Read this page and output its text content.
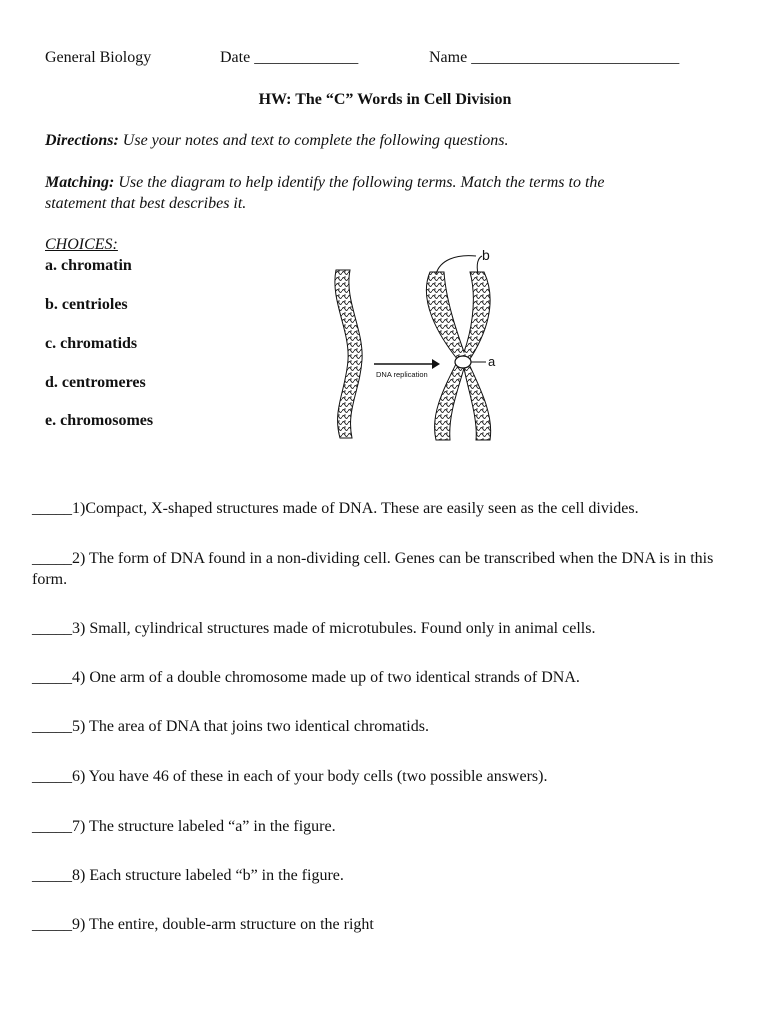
General Biology	Date _____________	Name __________________________
HW: The “C” Words in Cell Division
Directions: Use your notes and text to complete the following questions.
Matching: Use the diagram to help identify the following terms. Match the terms to the
statement that best describes it.
CHOICES:
a. chromatin
b. centrioles
c. chromatids
d. centromeres
e. chromosomes
DNA replication
a
b
_____1)Compact, X-shaped structures made of DNA. These are easily seen as the cell divides.
_____2) The form of DNA found in a non-dividing cell. Genes can be transcribed when the DNA is in this form.
_____3) Small, cylindrical structures made of microtubules. Found only in animal cells.
_____4) One arm of a double chromosome made up of two identical strands of DNA.
_____5) The area of DNA that joins two identical chromatids.
_____6) You have 46 of these in each of your body cells (two possible answers).
_____7) The structure labeled “a” in the figure.
_____8) Each structure labeled “b” in the figure.
_____9) The entire, double-arm structure on the right
